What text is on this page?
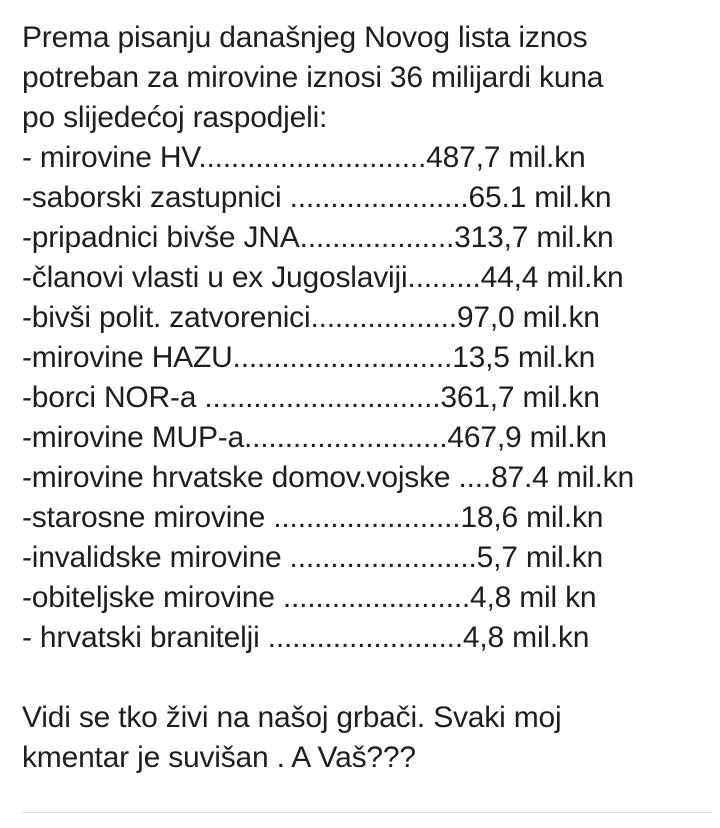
Prema pisanju današnjeg Novog lista iznos
potreban za mirovine iznosi 36 milijardi kuna
po slijedećoj raspodjeli:
- mirovine HV............................487,7 mil.kn
-saborski zastupnici ......................65.1 mil.kn
-pripadnici bivše JNA...................313,7 mil.kn
-članovi vlasti u ex Jugoslaviji.........44,4 mil.kn
-bivši polit. zatvorenici..................97,0 mil.kn
-mirovine HAZU...........................13,5 mil.kn
-borci NOR-a .............................361,7 mil.kn
-mirovine MUP-a.........................467,9 mil.kn
-mirovine hrvatske domov.vojske ....87.4 mil.kn
-starosne mirovine .......................18,6 mil.kn
-invalidske mirovine .......................5,7 mil.kn
-obiteljske mirovine .......................4,8 mil kn
- hrvatski branitelji ........................4,8 mil.kn
Vidi se tko živi na našoj grbači. Svaki moj
kmentar je suvišan . A Vaš???
